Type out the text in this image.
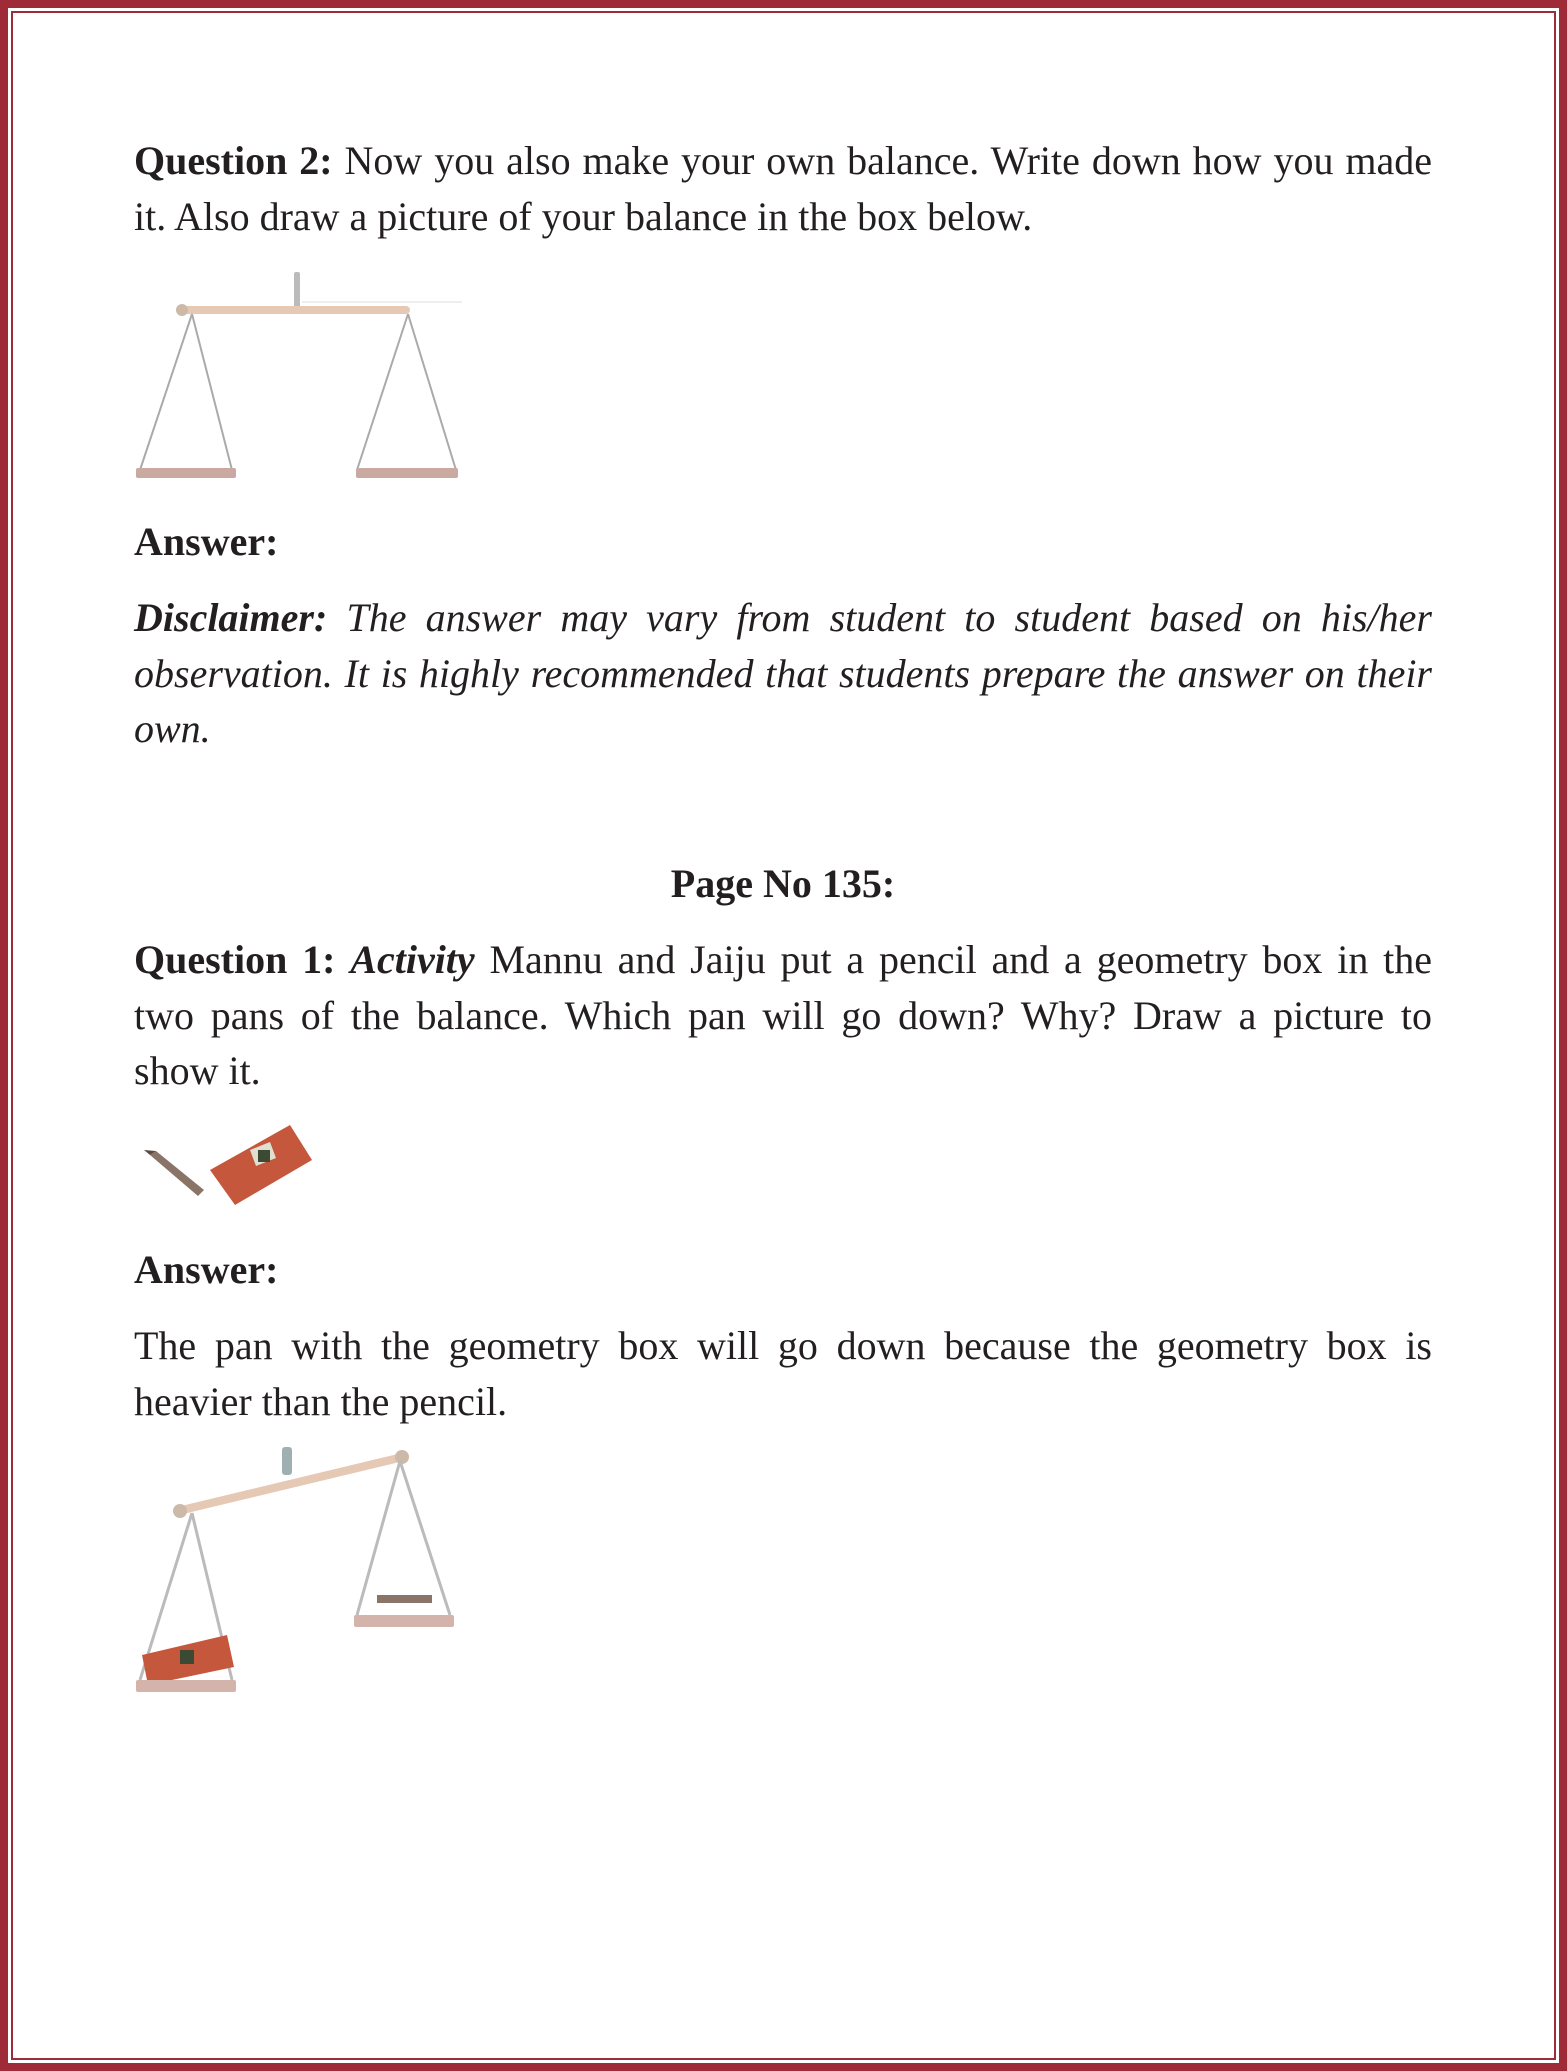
Question 2: Now you also make your own balance. Write down how you made it. Also draw a picture of your balance in the box below.
Answer:
Disclaimer: The answer may vary from student to student based on his/her observation. It is highly recommended that students prepare the answer on their own.
Page No 135:
Question 1: Activity Mannu and Jaiju put a pencil and a geometry box in the two pans of the balance. Which pan will go down? Why? Draw a picture to show it.
Answer:
The pan with the geometry box will go down because the geometry box is heavier than the pencil.
